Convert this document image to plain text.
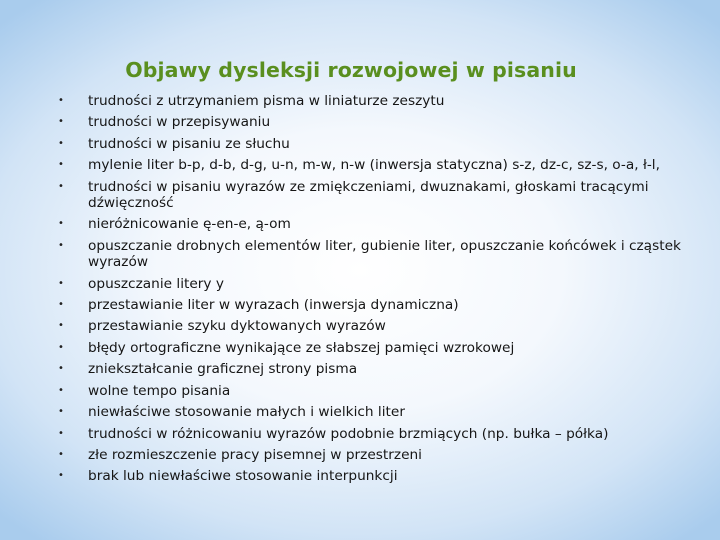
Objawy dysleksji rozwojowej w pisaniu
• trudności z utrzymaniem pisma w liniaturze zeszytu
• trudności w przepisywaniu
• trudności w pisaniu ze słuchu
• mylenie liter b-p, d-b, d-g, u-n, m-w, n-w (inwersja statyczna) s-z, dz-c, sz-s, o-a, ł-l,
• trudności w pisaniu wyrazów ze zmiękczeniami, dwuznakami, głoskami tracącymi dźwięczność
• nieróżnicowanie ę-en-e, ą-om
• opuszczanie drobnych elementów liter, gubienie liter, opuszczanie końcówek i cząstek wyrazów
• opuszczanie litery y
• przestawianie liter w wyrazach (inwersja dynamiczna)
• przestawianie szyku dyktowanych wyrazów
• błędy ortograficzne wynikające ze słabszej pamięci wzrokowej
• zniekształcanie graficznej strony pisma
• wolne tempo pisania
• niewłaściwe stosowanie małych i wielkich liter
• trudności w różnicowaniu wyrazów podobnie brzmiących (np. bułka – półka)
• złe rozmieszczenie pracy pisemnej w przestrzeni
• brak lub niewłaściwe stosowanie interpunkcji
